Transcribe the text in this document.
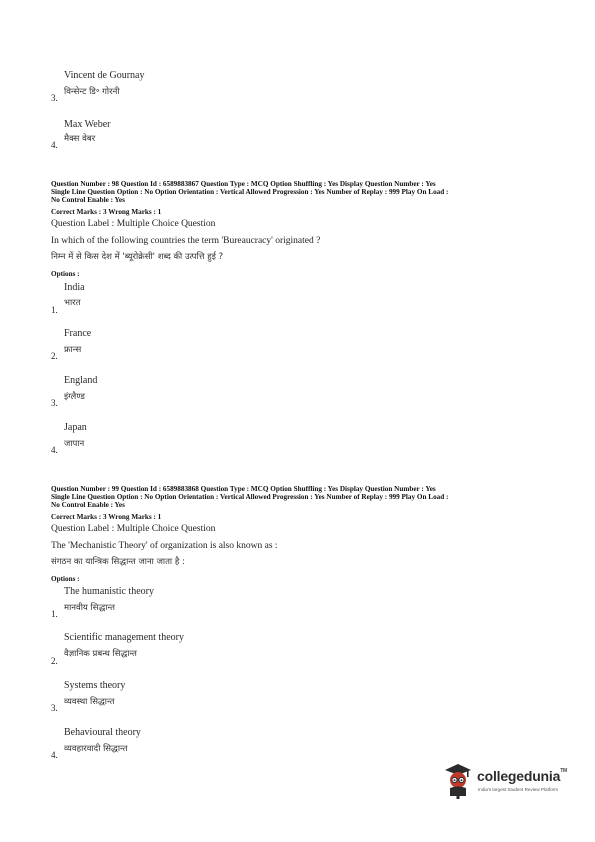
Vincent de Gournay
3.
विन्सेन्ट डि॰ गोरनी
Max Weber
4.
मैक्स वेबर
Question Number : 98 Question Id : 6589883867 Question Type : MCQ Option Shuffling : Yes Display Question Number : Yes
Single Line Question Option : No Option Orientation : Vertical Allowed Progression : Yes Number of Replay : 999 Play On Load :
No Control Enable : Yes
Correct Marks : 3 Wrong Marks : 1
Question Label : Multiple Choice Question
In which of the following countries the term 'Bureaucracy' originated ?
निम्न में से किस देश में 'ब्यूरोक्रेसी' शब्द की उत्पत्ति हुई ?
Options :
India
भारत
1.
France
फ्रान्स
2.
England
इंग्लैण्ड
3.
Japan
जापान
4.
Question Number : 99 Question Id : 6589883868 Question Type : MCQ Option Shuffling : Yes Display Question Number : Yes
Single Line Question Option : No Option Orientation : Vertical Allowed Progression : Yes Number of Replay : 999 Play On Load :
No Control Enable : Yes
Correct Marks : 3 Wrong Marks : 1
Question Label : Multiple Choice Question
The 'Mechanistic Theory' of organization is also known as :
संगठन का यान्त्रिक सिद्धान्त जाना जाता है :
Options :
The humanistic theory
मानवीय सिद्धान्त
1.
Scientific management theory
वैज्ञानिक प्रबन्ध सिद्धान्त
2.
Systems theory
व्यवस्था सिद्धान्त
3.
Behavioural theory
व्यवहारवादी सिद्धान्त
4.
collegedunia™
India's largest Student Review Platform
